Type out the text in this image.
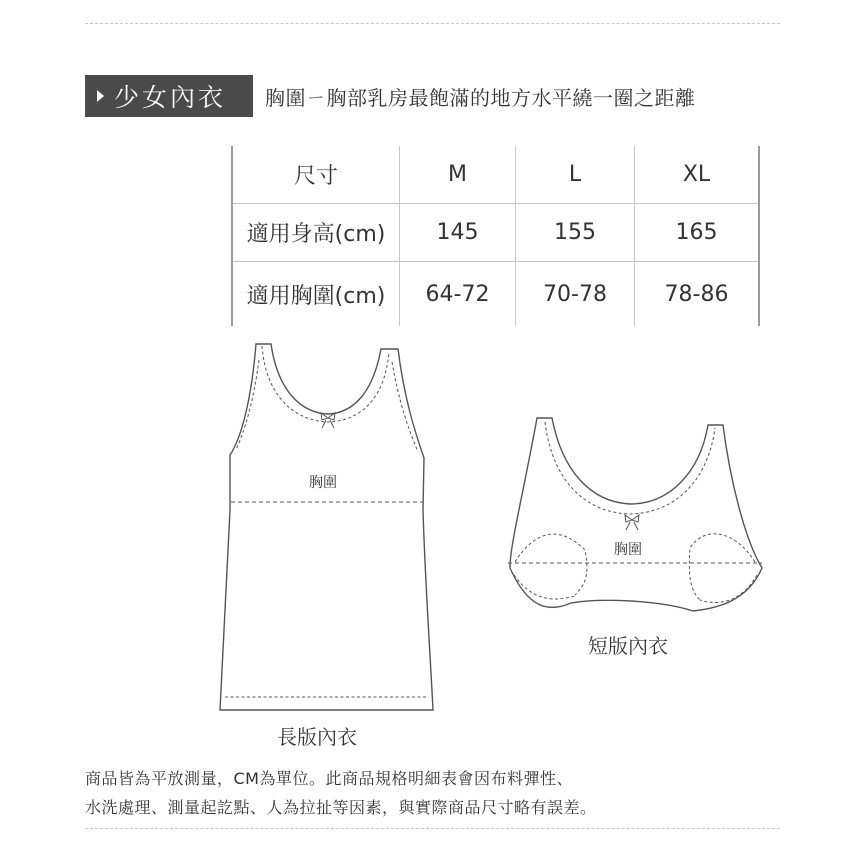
少女內衣 胸圍ㄧ胸部乳房最飽滿的地方水平繞一圈之距離
尺寸	M	L	XL
適用身高(cm)	145	155	165
適用胸圍(cm)	64-72	70-78	78-86
胸圍
胸圍
長版內衣
短版內衣
商品皆為平放測量，CM為單位。此商品規格明細表會因布料彈性、
水洗處理、測量起訖點、人為拉扯等因素，與實際商品尺寸略有誤差。
